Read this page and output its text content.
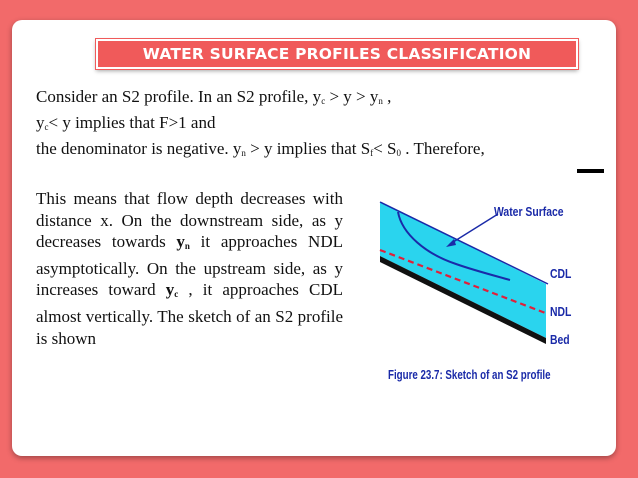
WATER SURFACE PROFILES CLASSIFICATION
Consider an S2 profile. In an S2 profile, $y_c > y > y_n$ ,
$y_c< y$ implies that F>1 and
the denominator is negative. $y_n > y$ implies that $S_f< S_0$ . Therefore,
This means that flow depth decreases with distance x. On the downstream side, as y decreases towards $y_n$ it approaches NDL asymptotically. On the upstream side, as y increases toward $y_c$ , it approaches CDL almost vertically. The sketch of an S2 profile is shown
Water Surface
CDL
NDL
Bed
Figure 23.7: Sketch of an S2 profile
